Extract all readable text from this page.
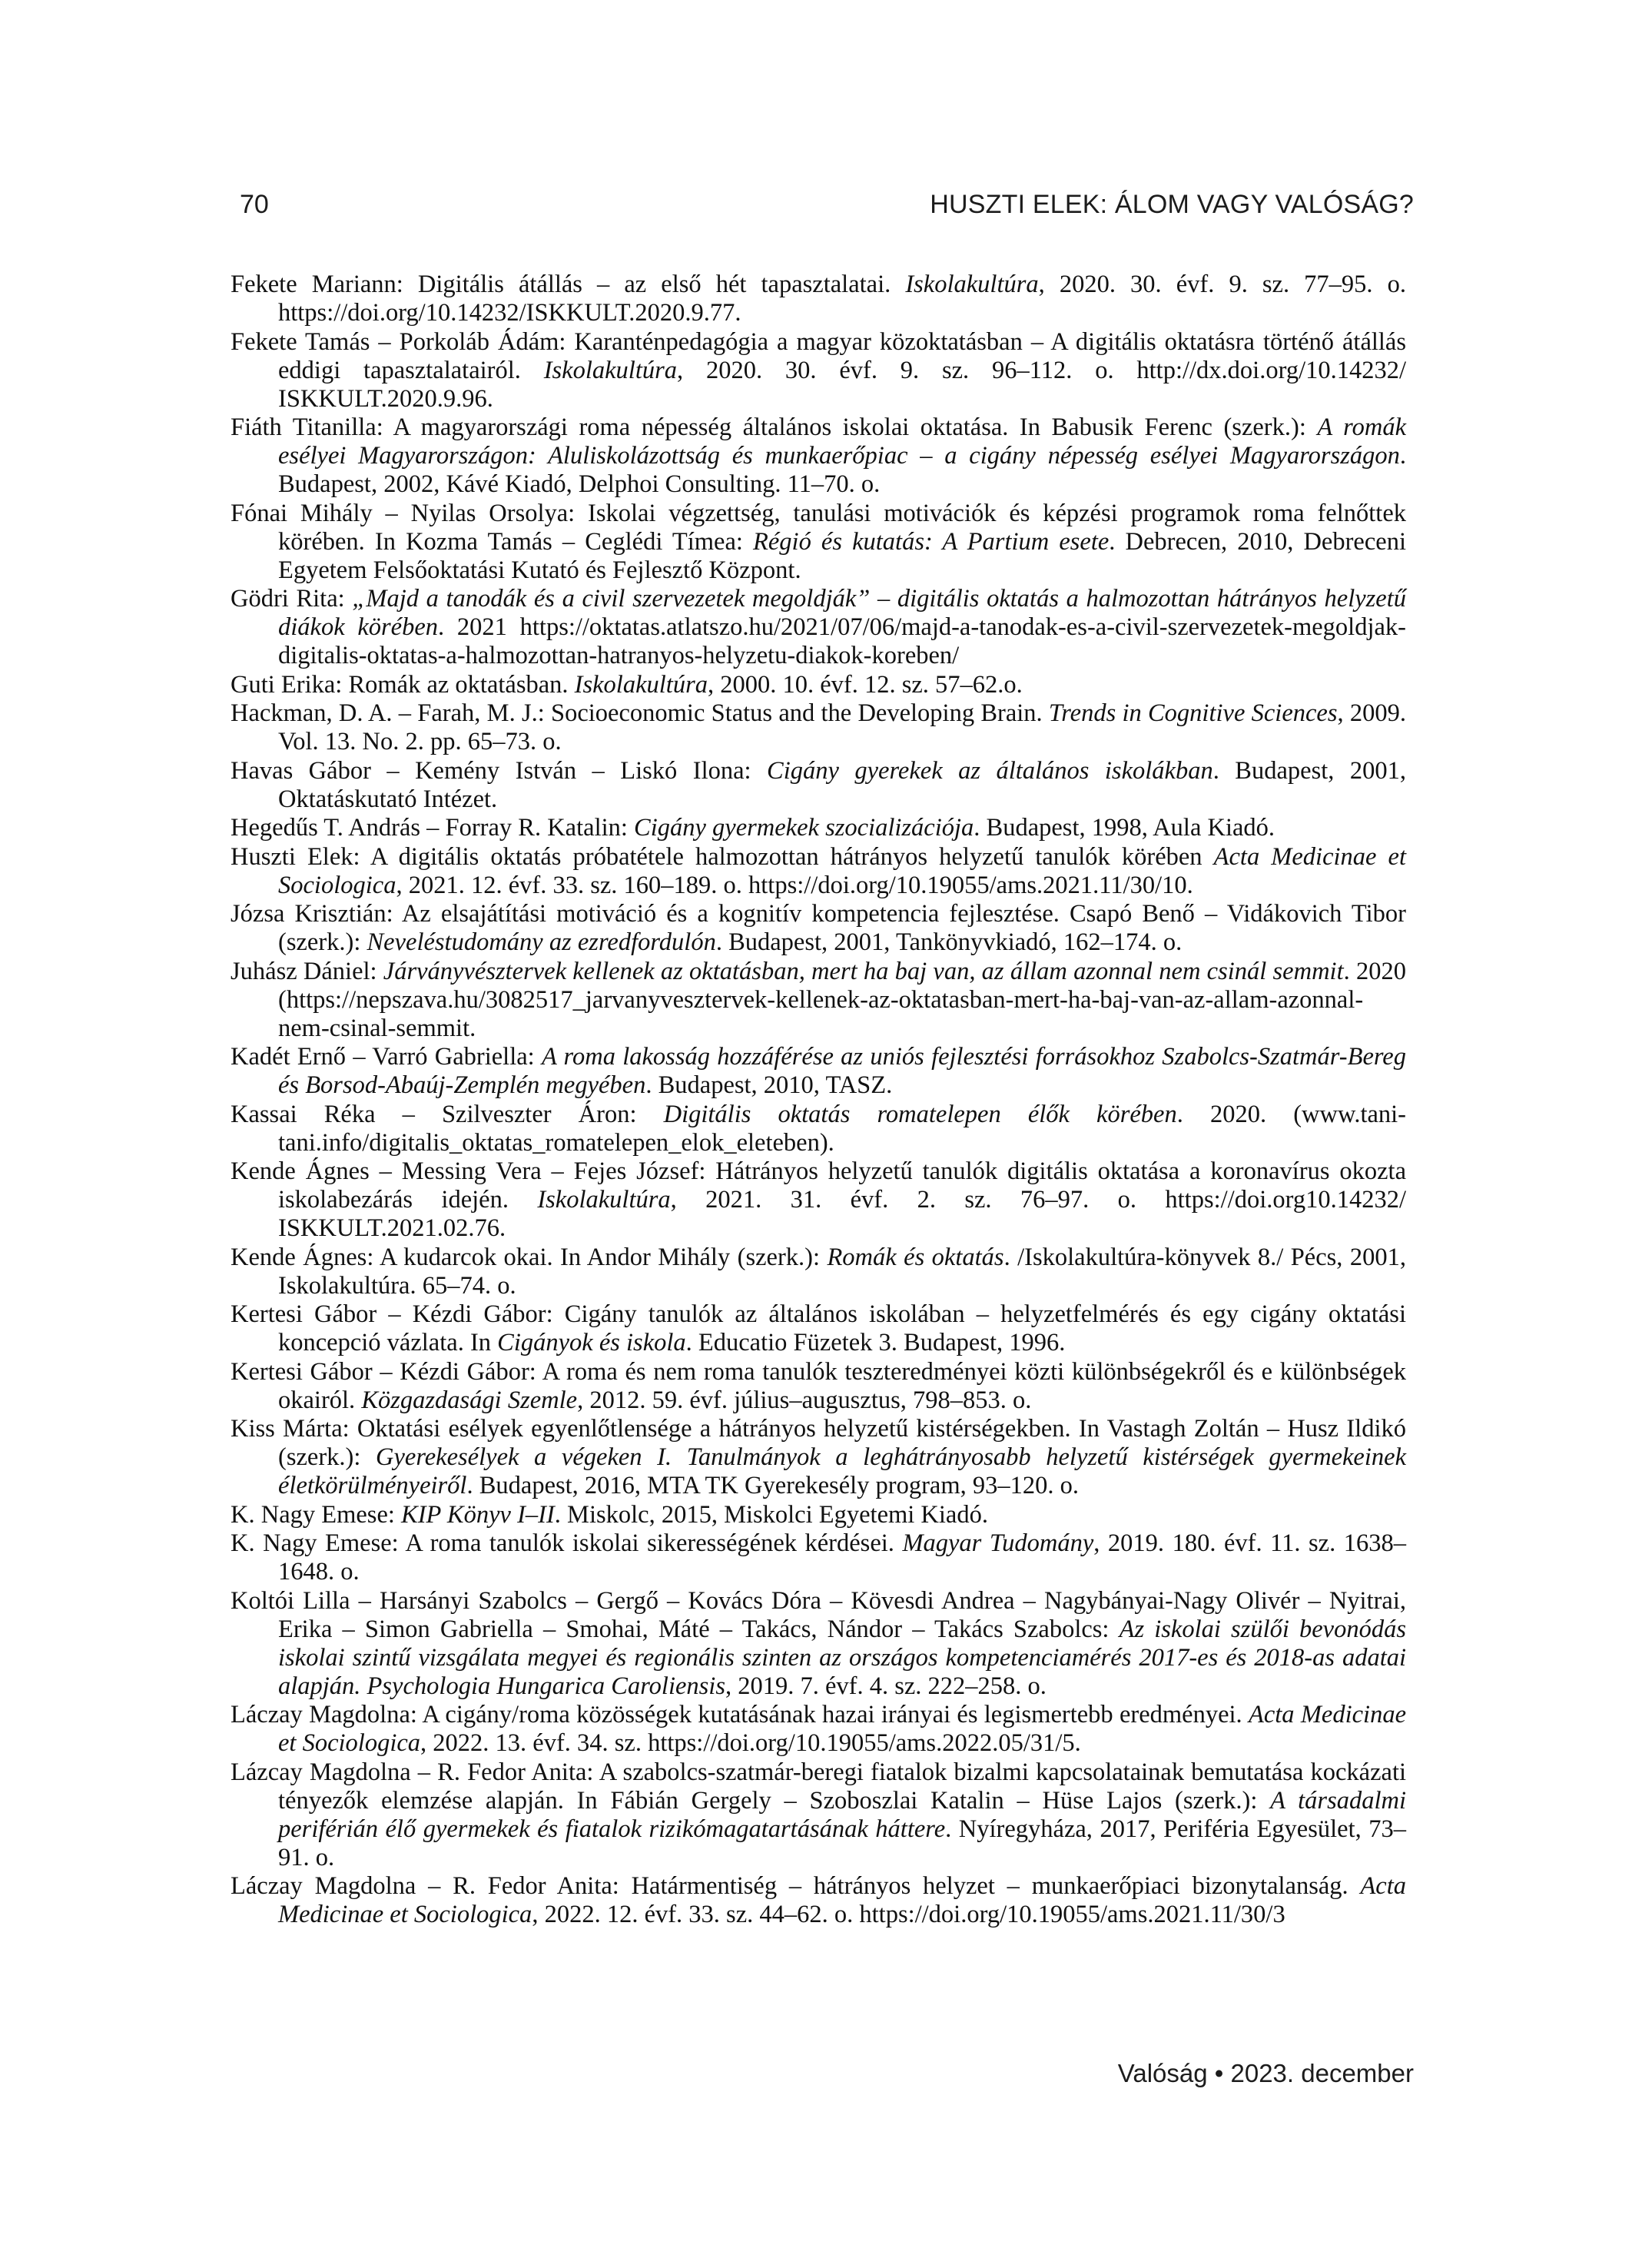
70	HUSZTI ELEK: ÁLOM VAGY VALÓSÁG?

Fekete Mariann: Digitális átállás – az első hét tapasztalatai. Iskolakultúra, 2020. 30. évf. 9. sz. 77–95. o. https://doi.org/10.14232/ISKKULT.2020.9.77.

Fekete Tamás – Porkoláb Ádám: Karanténpedagógia a magyar közoktatásban – A digitális oktatásra történő átállás eddigi tapasztalatairól. Iskolakultúra, 2020. 30. évf. 9. sz. 96–112. o. http://dx.doi.org/10.14232/ ISKKULT.2020.9.96.

Fiáth Titanilla: A magyarországi roma népesség általános iskolai oktatása. In Babusik Ferenc (szerk.): A romák esélyei Magyarországon: Aluliskolázottság és munkaerőpiac – a cigány népesség esélyei Magyarországon. Budapest, 2002, Kávé Kiadó, Delphoi Consulting. 11–70. o.

Fónai Mihály – Nyilas Orsolya: Iskolai végzettség, tanulási motivációk és képzési programok roma felnőttek körében. In Kozma Tamás – Ceglédi Tímea: Régió és kutatás: A Partium esete. Debrecen, 2010, Debreceni Egyetem Felsőoktatási Kutató és Fejlesztő Központ.

Gödri Rita: „Majd a tanodák és a civil szervezetek megoldják” – digitális oktatás a halmozottan hátrányos helyzetű diákok körében. 2021 https://oktatas.atlatszo.hu/2021/07/06/majd-a-tanodak-es-a-civil-szervezetek-megoldjak-digitalis-oktatas-a-halmozottan-hatranyos-helyzetu-diakok-koreben/

Guti Erika: Romák az oktatásban. Iskolakultúra, 2000. 10. évf. 12. sz. 57–62.o.

Hackman, D. A. – Farah, M. J.: Socioeconomic Status and the Developing Brain. Trends in Cognitive Sciences, 2009. Vol. 13. No. 2. pp. 65–73. o.

Havas Gábor – Kemény István – Liskó Ilona: Cigány gyerekek az általános iskolákban. Budapest, 2001, Oktatáskutató Intézet.

Hegedűs T. András – Forray R. Katalin: Cigány gyermekek szocializációja. Budapest, 1998, Aula Kiadó.

Huszti Elek: A digitális oktatás próbatétele halmozottan hátrányos helyzetű tanulók körében Acta Medicinae et Sociologica, 2021. 12. évf. 33. sz. 160–189. o. https://doi.org/10.19055/ams.2021.11/30/10.

Józsa Krisztián: Az elsajátítási motiváció és a kognitív kompetencia fejlesztése. Csapó Benő – Vidákovich Tibor (szerk.): Neveléstudomány az ezredfordulón. Budapest, 2001, Tankönyvkiadó, 162–174. o.

Juhász Dániel: Járványvésztervek kellenek az oktatásban, mert ha baj van, az állam azonnal nem csinál semmit. 2020 (https://nepszava.hu/3082517_jarvanyvesztervek-kellenek-az-oktatasban-mert-ha-baj-van-az-allam-azonnal-nem-csinal-semmit.

Kadét Ernő – Varró Gabriella: A roma lakosság hozzáférése az uniós fejlesztési forrásokhoz Szabolcs-Szatmár-Bereg és Borsod-Abaúj-Zemplén megyében. Budapest, 2010, TASZ.

Kassai Réka – Szilveszter Áron: Digitális oktatás romatelepen élők körében. 2020. (www.tani-tani.info/digitalis_oktatas_romatelepen_elok_eleteben).

Kende Ágnes – Messing Vera – Fejes József: Hátrányos helyzetű tanulók digitális oktatása a koronavírus okozta iskolabezárás idején. Iskolakultúra, 2021. 31. évf. 2. sz. 76–97. o. https://doi.org10.14232/ ISKKULT.2021.02.76.

Kende Ágnes: A kudarcok okai. In Andor Mihály (szerk.): Romák és oktatás. /Iskolakultúra-könyvek 8./ Pécs, 2001, Iskolakultúra. 65–74. o.

Kertesi Gábor – Kézdi Gábor: Cigány tanulók az általános iskolában – helyzetfelmérés és egy cigány oktatási koncepció vázlata. In Cigányok és iskola. Educatio Füzetek 3. Budapest, 1996.

Kertesi Gábor – Kézdi Gábor: A roma és nem roma tanulók teszteredményei közti különbségekről és e különbségek okairól. Közgazdasági Szemle, 2012. 59. évf. július–augusztus, 798–853. o.

Kiss Márta: Oktatási esélyek egyenlőtlensége a hátrányos helyzetű kistérségekben. In Vastagh Zoltán – Husz Ildikó (szerk.): Gyerekesélyek a végeken I. Tanulmányok a leghátrányosabb helyzetű kistérségek gyermekeinek életkörülményeiről. Budapest, 2016, MTA TK Gyerekesély program, 93–120. o.

K. Nagy Emese: KIP Könyv I–II. Miskolc, 2015, Miskolci Egyetemi Kiadó.

K. Nagy Emese: A roma tanulók iskolai sikerességének kérdései. Magyar Tudomány, 2019. 180. évf. 11. sz. 1638–1648. o.

Koltói Lilla – Harsányi Szabolcs – Gergő – Kovács Dóra – Kövesdi Andrea – Nagybányai-Nagy Olivér – Nyitrai, Erika – Simon Gabriella – Smohai, Máté – Takács, Nándor – Takács Szabolcs: Az iskolai szülői bevonódás iskolai szintű vizsgálata megyei és regionális szinten az országos kompetenciamérés 2017-es és 2018-as adatai alapján. Psychologia Hungarica Caroliensis, 2019. 7. évf. 4. sz. 222–258. o.

Láczay Magdolna: A cigány/roma közösségek kutatásának hazai irányai és legismertebb eredményei. Acta Medicinae et Sociologica, 2022. 13. évf. 34. sz. https://doi.org/10.19055/ams.2022.05/31/5.

Lázcay Magdolna – R. Fedor Anita: A szabolcs-szatmár-beregi fiatalok bizalmi kapcsolatainak bemutatása kockázati tényezők elemzése alapján. In Fábián Gergely – Szoboszlai Katalin – Hüse Lajos (szerk.): A társadalmi periférián élő gyermekek és fiatalok rizikómagatartásának háttere. Nyíregyháza, 2017, Periféria Egyesület, 73–91. o.

Láczay Magdolna – R. Fedor Anita: Határmentiség – hátrányos helyzet – munkaerőpiaci bizonytalanság. Acta Medicinae et Sociologica, 2022. 12. évf. 33. sz. 44–62. o. https://doi.org/10.19055/ams.2021.11/30/3

Valóság • 2023. december
